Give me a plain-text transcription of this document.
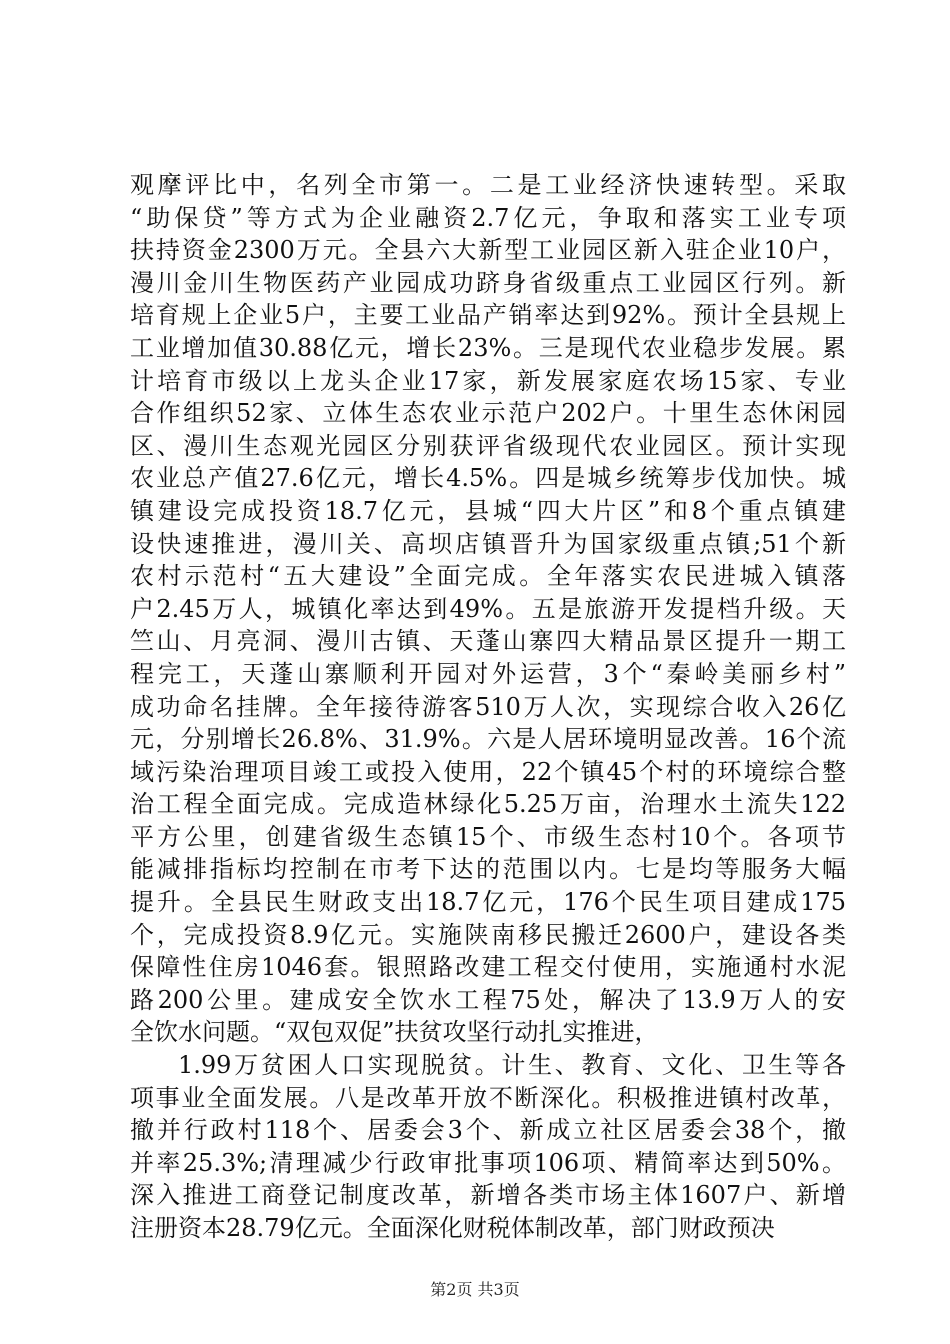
观摩评比中，名列全市第一。二是工业经济快速转型。采取
“助保贷”等方式为企业融资2.7亿元，争取和落实工业专项
扶持资金2300万元。全县六大新型工业园区新入驻企业10户，
漫川金川生物医药产业园成功跻身省级重点工业园区行列。新
培育规上企业5户，主要工业品产销率达到92%。预计全县规上
工业增加值30.88亿元，增长23%。三是现代农业稳步发展。累
计培育市级以上龙头企业17家，新发展家庭农场15家、专业
合作组织52家、立体生态农业示范户202户。十里生态休闲园
区、漫川生态观光园区分别获评省级现代农业园区。预计实现
农业总产值27.6亿元，增长4.5%。四是城乡统筹步伐加快。城
镇建设完成投资18.7亿元，县城“四大片区”和8个重点镇建
设快速推进，漫川关、高坝店镇晋升为国家级重点镇;51个新
农村示范村“五大建设”全面完成。全年落实农民进城入镇落
户2.45万人，城镇化率达到49%。五是旅游开发提档升级。天
竺山、月亮洞、漫川古镇、天蓬山寨四大精品景区提升一期工
程完工，天蓬山寨顺利开园对外运营，3个“秦岭美丽乡村”
成功命名挂牌。全年接待游客510万人次，实现综合收入26亿
元，分别增长26.8%、31.9%。六是人居环境明显改善。16个流
域污染治理项目竣工或投入使用，22个镇45个村的环境综合整
治工程全面完成。完成造林绿化5.25万亩，治理水土流失122
平方公里，创建省级生态镇15个、市级生态村10个。各项节
能减排指标均控制在市考下达的范围以内。七是均等服务大幅
提升。全县民生财政支出18.7亿元，176个民生项目建成175
个，完成投资8.9亿元。实施陕南移民搬迁2600户，建设各类
保障性住房1046套。银照路改建工程交付使用，实施通村水泥
路200公里。建成安全饮水工程75处，解决了13.9万人的安
全饮水问题。“双包双促”扶贫攻坚行动扎实推进，
1.99万贫困人口实现脱贫。计生、教育、文化、卫生等各
项事业全面发展。八是改革开放不断深化。积极推进镇村改革，
撤并行政村118个、居委会3个、新成立社区居委会38个，撤
并率25.3%;清理减少行政审批事项106项、精简率达到50%。
深入推进工商登记制度改革，新增各类市场主体1607户、新增
注册资本28.79亿元。全面深化财税体制改革，部门财政预决
第2页 共3页
